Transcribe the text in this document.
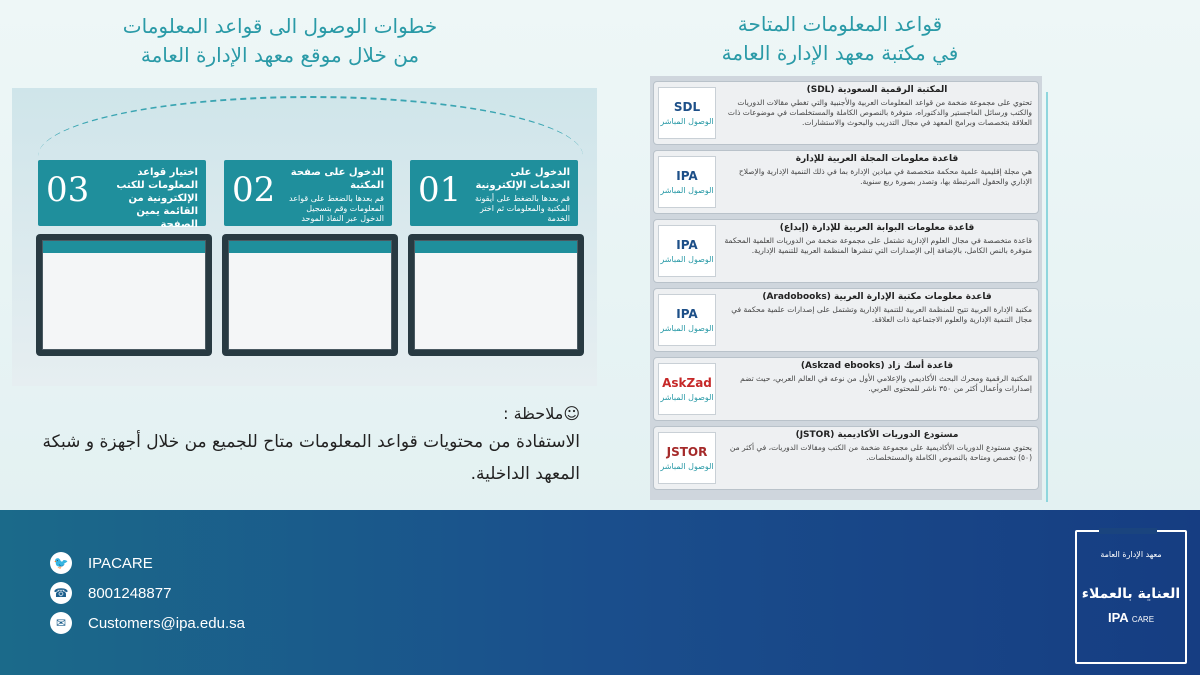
قواعد المعلومات المتاحة
في مكتبة معهد الإدارة العامة
خطوات الوصول الى قواعد المعلومات
من خلال موقع معهد الإدارة العامة
01	الدخول على الخدمات الإلكترونية
قم بعدها بالضغط على أيقونة المكتبة والمعلومات ثم اختر الخدمة
02	الدخول على صفحة المكتبة
قم بعدها بالضغط على قواعد المعلومات وقم بتسجيل الدخول عبر النفاذ الموحد
03	اختيار قواعد المعلومات للكتب الإلكترونية من القائمة يمين الصفحة
☺ملاحظة :
الاستفادة من محتويات قواعد المعلومات متاح للجميع من خلال أجهزة و شبكة المعهد الداخلية.
SDL
الوصول المباشر
المكتبة الرقمية السعودية (SDL)
تحتوي على مجموعة ضخمة من قواعد المعلومات العربية والأجنبية والتي تغطي مقالات الدوريات والكتب ورسائل الماجستير والدكتوراه، متوفرة بالنصوص الكاملة والمستخلصات في موضوعات ذات العلاقة بتخصصات وبرامج المعهد في مجال التدريب والبحوث والاستشارات.
IPA
الوصول المباشر
قاعدة معلومات المجلة العربية للإدارة
هي مجلة إقليمية علمية محكمة متخصصة في ميادين الإدارة بما في ذلك التنمية الإدارية والإصلاح الإداري والحقول المرتبطة بها، وتصدر بصورة ربع سنوية.
IPA
الوصول المباشر
قاعدة معلومات البوابة العربية للإدارة (إبداع)
قاعدة متخصصة في مجال العلوم الإدارية تشتمل على مجموعة ضخمة من الدوريات العلمية المحكمة متوفرة بالنص الكامل، بالإضافة إلى الإصدارات التي تنشرها المنظمة العربية للتنمية الإدارية.
IPA
الوصول المباشر
قاعدة معلومات مكتبة الإدارة العربية (Aradobooks)
مكتبة الإدارة العربية تتيح للمنظمة العربية للتنمية الإدارية وتشتمل على إصدارات علمية محكمة في مجال التنمية الإدارية والعلوم الاجتماعية ذات العلاقة.
AskZad
الوصول المباشر
قاعدة أسك زاد (Askzad ebooks)
المكتبة الرقمية ومحرك البحث الأكاديمي والإعلامي الأول من نوعه في العالم العربي، حيث تضم إصدارات وأعمال أكثر من ٣٥٠ ناشر للمحتوى العربي.
JSTOR
الوصول المباشر
مستودع الدوريات الأكاديمية (JSTOR)
يحتوي مستودع الدوريات الأكاديمية على مجموعة ضخمة من الكتب ومقالات الدوريات، في أكثر من (٥٠) تخصص ومتاحة بالنصوص الكاملة والمستخلصات.
🐦 IPACARE
☎ 8001248877
✉	Customers@ipa.edu.sa
معهد الإدارة العامة
العناية بالعملاء
IPA CARE
